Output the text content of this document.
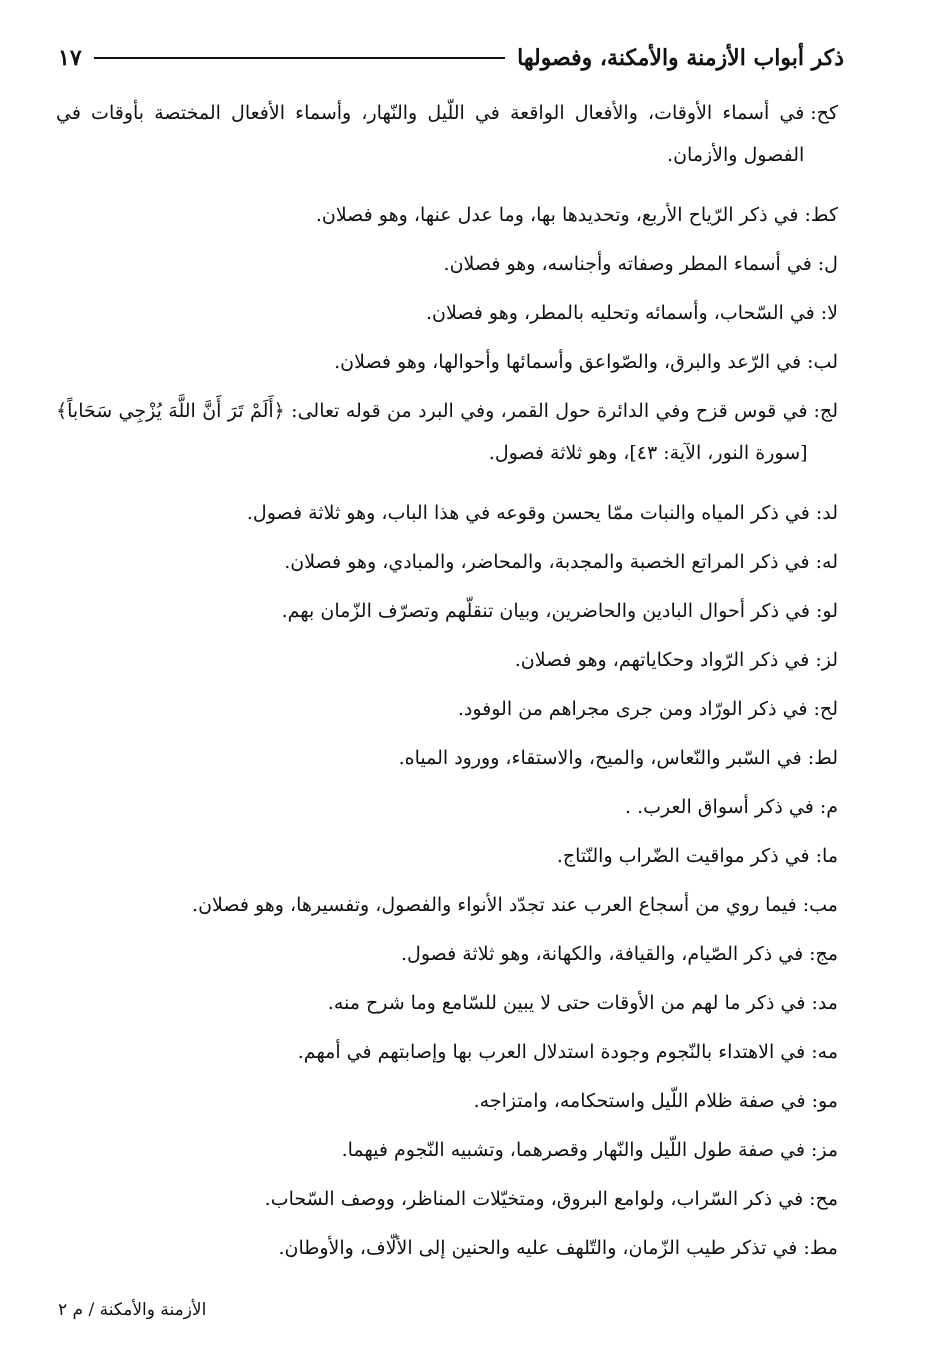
ذكر أبواب الأزمنة والأمكنة، وفصولها
١٧
كح:
في أسماء الأوقات، والأفعال الواقعة في اللّيل والنّهار، وأسماء الأفعال المختصة بأوقات في الفصول والأزمان.
كط:
في ذكر الرّياح الأربع، وتحديدها بها، وما عدل عنها، وهو فصلان.
ل:
في أسماء المطر وصفاته وأجناسه، وهو فصلان.
لا:
في السّحاب، وأسمائه وتحليه بالمطر، وهو فصلان.
لب:
في الرّعد والبرق، والصّواعق وأسمائها وأحوالها، وهو فصلان.
لج:
في قوس قزح وفي الدائرة حول القمر، وفي البرد من قوله تعالى: ﴿أَلَمْ تَرَ أَنَّ اللَّهَ يُزْجِي سَحَاباً﴾ [سورة النور، الآية: ٤٣]، وهو ثلاثة فصول.
لد:
في ذكر المياه والنبات ممّا يحسن وقوعه في هذا الباب، وهو ثلاثة فصول.
له:
في ذكر المراتع الخصبة والمجدبة، والمحاضر، والمبادي، وهو فصلان.
لو:
في ذكر أحوال البادين والحاضرين، وبيان تنقلّهم وتصرّف الزّمان بهم.
لز:
في ذكر الرّواد وحكاياتهم، وهو فصلان.
لح:
في ذكر الورّاد ومن جرى مجراهم من الوفود.
لط:
في السّبر والنّعاس، والميح، والاستقاء، وورود المياه.
م:
في ذكر أسواق العرب. .
ما:
في ذكر مواقيت الضّراب والنّتاج.
مب:
فيما روي من أسجاع العرب عند تجدّد الأنواء والفصول، وتفسيرها، وهو فصلان.
مج:
في ذكر الصّيام، والقيافة، والكهانة، وهو ثلاثة فصول.
مد:
في ذكر ما لهم من الأوقات حتى لا يبين للسّامع وما شرح منه.
مه:
في الاهتداء بالنّجوم وجودة استدلال العرب بها وإصابتهم في أمهم.
مو:
في صفة ظلام اللّيل واستحكامه، وامتزاجه.
مز:
في صفة طول اللّيل والنّهار وقصرهما، وتشبيه النّجوم فيهما.
مح:
في ذكر السّراب، ولوامع البروق، ومتخيّلات المناظر، ووصف السّحاب.
مط:
في تذكر طيب الزّمان، والتّلهف عليه والحنين إلى الألّاف، والأوطان.
الأزمنة والأمكنة / م ٢
